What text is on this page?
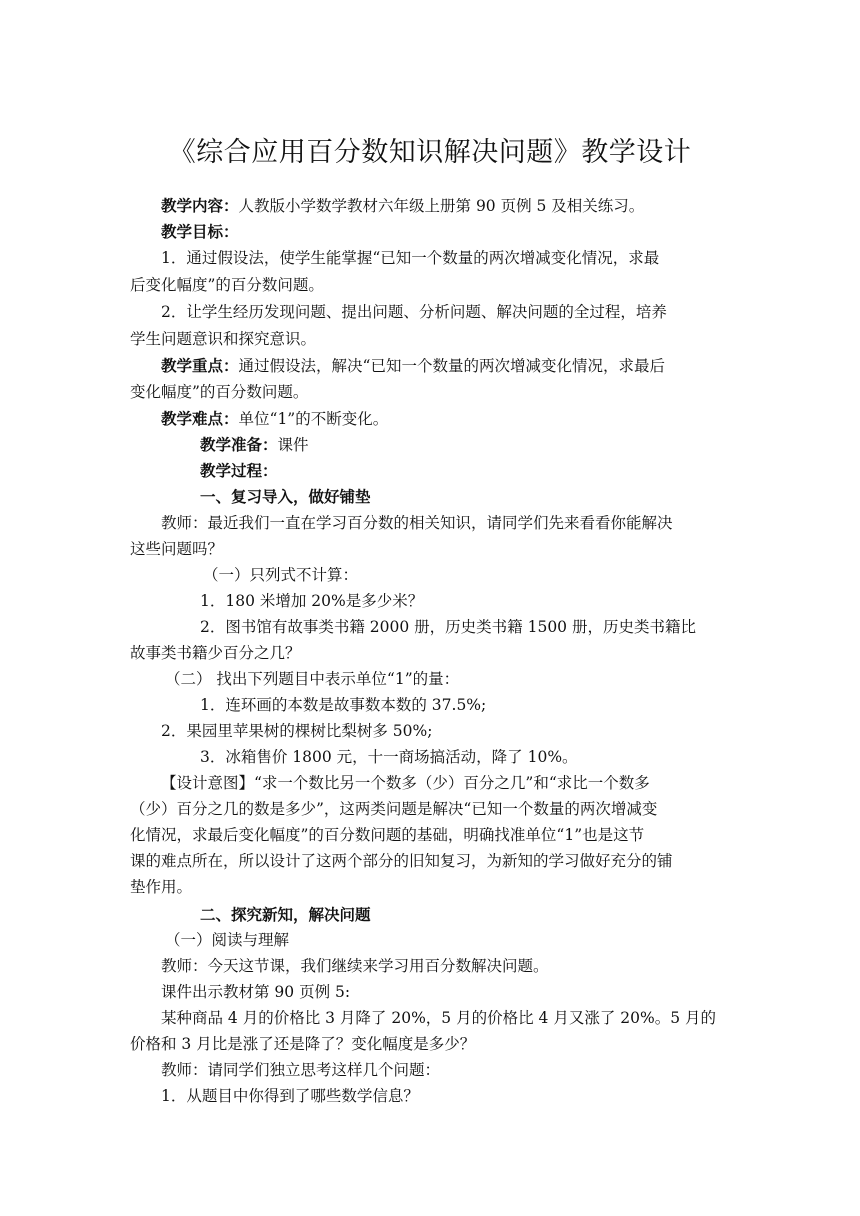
《综合应用百分数知识解决问题》教学设计
教学内容：人教版小学数学教材六年级上册第 90 页例 5 及相关练习。
教学目标：
1．通过假设法，使学生能掌握“已知一个数量的两次增减变化情况，求最
后变化幅度”的百分数问题。
2．让学生经历发现问题、提出问题、分析问题、解决问题的全过程，培养
学生问题意识和探究意识。
教学重点：通过假设法，解决“已知一个数量的两次增减变化情况，求最后
变化幅度”的百分数问题。
教学难点：单位“1”的不断变化。
教学准备：课件
教学过程：
一、复习导入，做好铺垫
教师：最近我们一直在学习百分数的相关知识，请同学们先来看看你能解决
这些问题吗？
（一）只列式不计算：
1．180 米增加 20%是多少米？
2．图书馆有故事类书籍 2000 册，历史类书籍 1500 册，历史类书籍比
故事类书籍少百分之几？
（二） 找出下列题目中表示单位“1”的量：
1．连环画的本数是故事数本数的 37.5%;
2．果园里苹果树的棵树比梨树多 50%;
3．冰箱售价 1800 元，十一商场搞活动，降了 10%。
【设计意图】“求一个数比另一个数多（少）百分之几”和“求比一个数多
（少）百分之几的数是多少”，这两类问题是解决“已知一个数量的两次增减变
化情况，求最后变化幅度”的百分数问题的基础，明确找准单位“1”也是这节
课的难点所在，所以设计了这两个部分的旧知复习，为新知的学习做好充分的铺
垫作用。
二、探究新知，解决问题
（一）阅读与理解
教师：今天这节课，我们继续来学习用百分数解决问题。
课件出示教材第 90 页例 5:
某种商品 4 月的价格比 3 月降了 20%，5 月的价格比 4 月又涨了 20%。5 月的
价格和 3 月比是涨了还是降了？变化幅度是多少？
教师：请同学们独立思考这样几个问题：
1．从题目中你得到了哪些数学信息？
